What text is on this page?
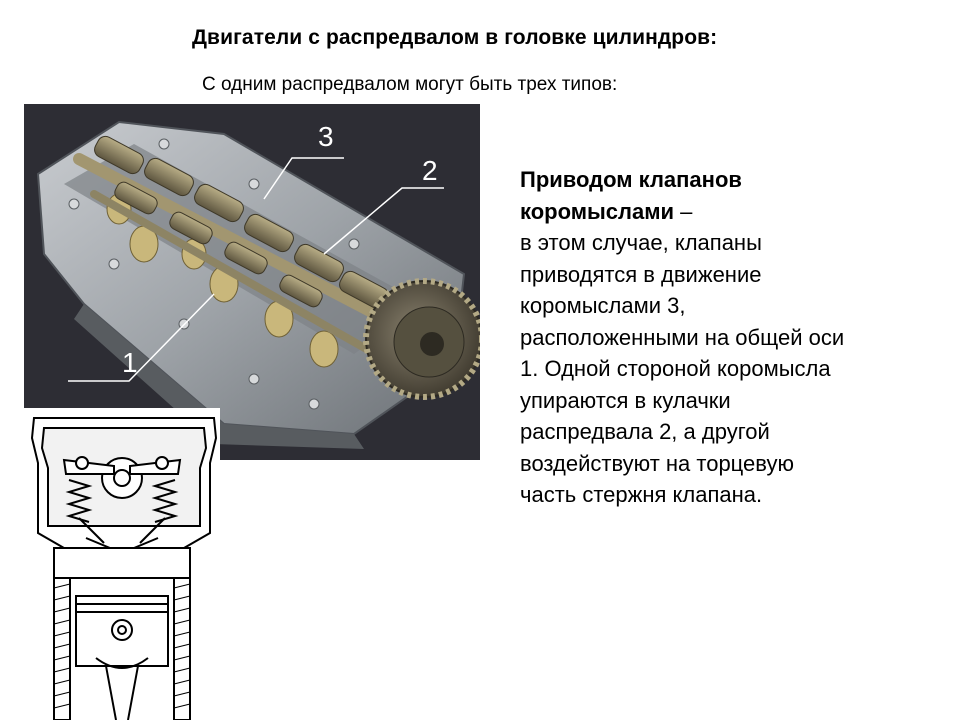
Двигатели с распредвалом в головке цилиндров:
С одним распредвалом могут быть трех типов:
3
2
1
Приводом клапанов
коромыслами –
в этом случае, клапаны
приводятся в движение
коромыслами 3,
расположенными на общей оси
1. Одной стороной коромысла
упираются в кулачки
распредвала 2, а другой
воздействуют на торцевую
часть стержня клапана.
